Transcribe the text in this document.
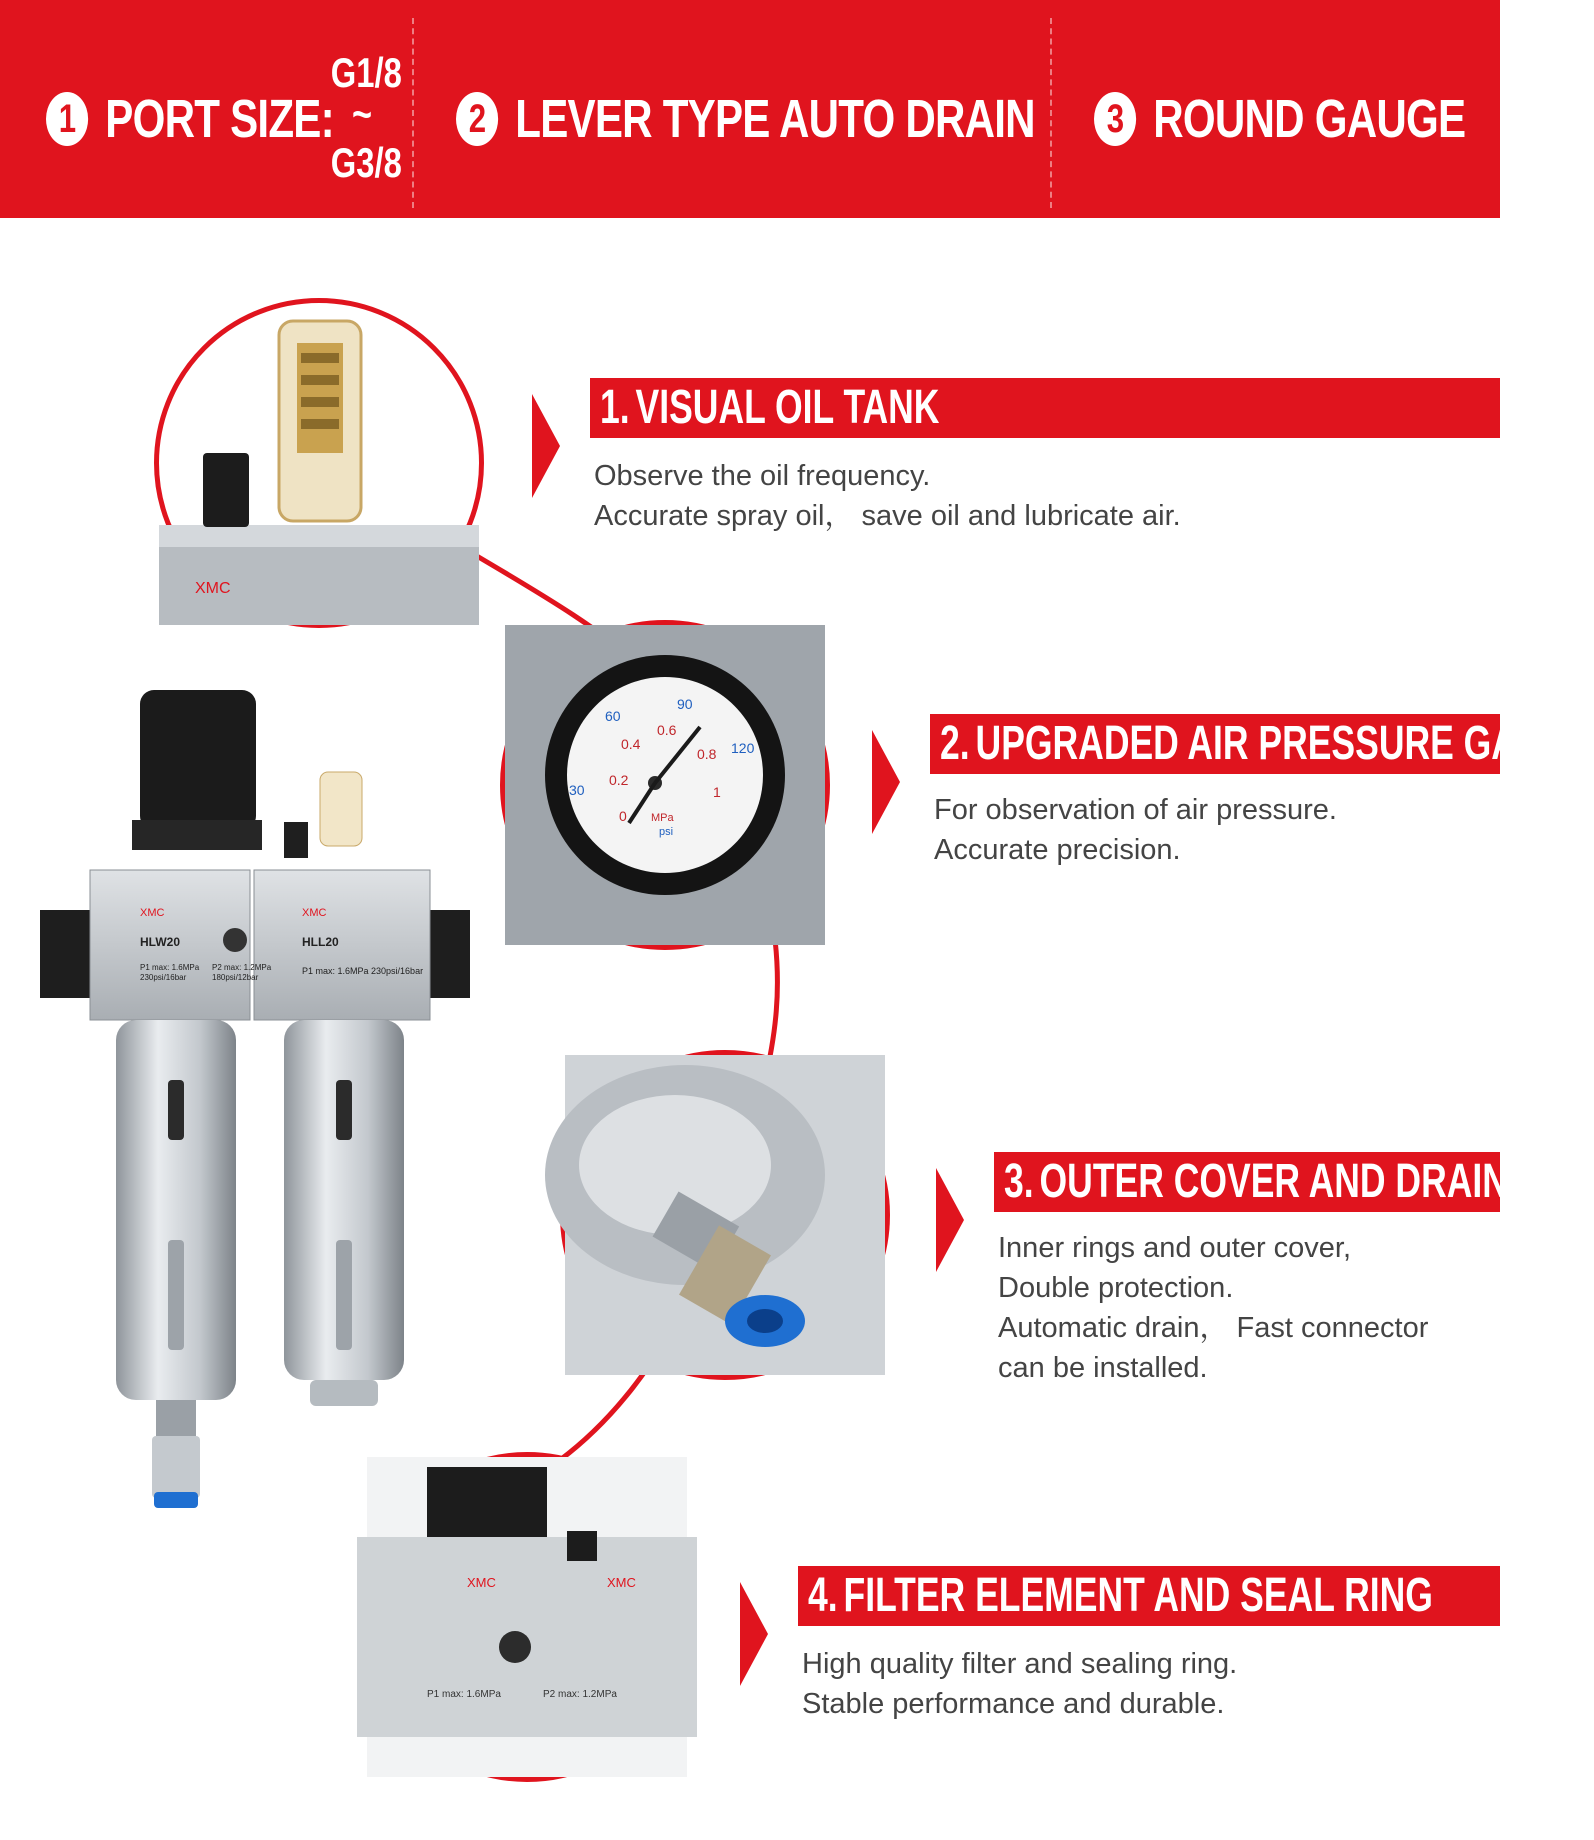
1 PORT SIZE:
G1/8
~
G3/8
2 LEVER TYPE AUTO DRAIN	3 ROUND GAUGE
XMC	XMC
HLW20	HLL20
P1 max: 1.6MPa
230psi/16bar
P2 max: 1.2MPa
180psi/12bar
P1 max: 1.6MPa 230psi/16bar
XMC
30
60
90
120
0
0.2
0.4
0.6
0.8
1
MPa
psi
XMC	XMC
P1 max: 1.6MPa	P2 max: 1.2MPa
1. VISUAL OIL TANK
Observe the oil frequency.
Accurate spray oil， save oil and lubricate air.
2. UPGRADED AIR PRESSURE GAUGE
For observation of air pressure.
Accurate precision.
3. OUTER COVER AND DRAINAGE
Inner rings and outer cover,
Double protection.
Automatic drain， Fast connector
can be installed.
4. FILTER ELEMENT AND SEAL RING
High quality filter and sealing ring.
Stable performance and durable.
